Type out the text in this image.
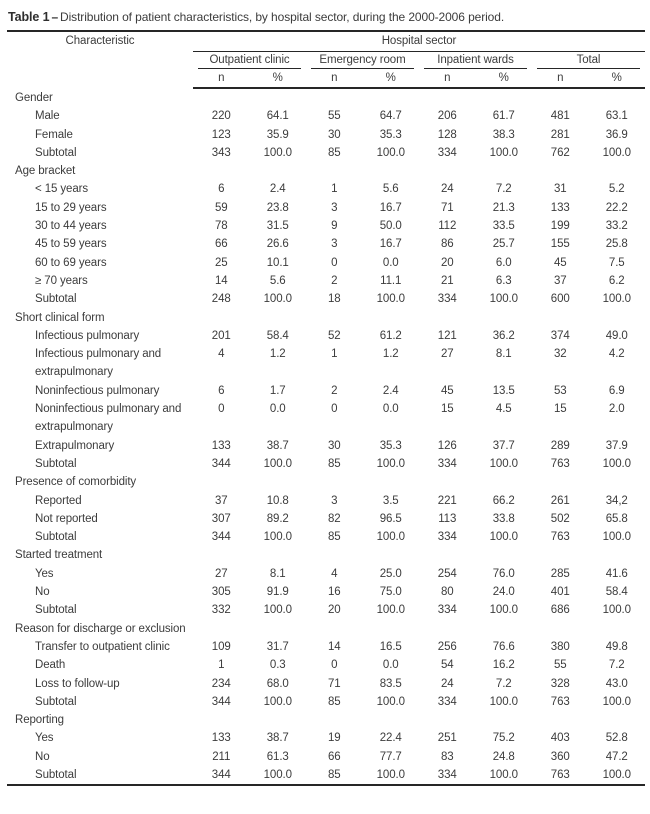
Table 1 – Distribution of patient characteristics, by hospital sector, during the 2000-2006 period.
Characteristic	Hospital sector							

	Outpatient clinic		Emergency room		Inpatient wards		Total	

	n	%	n	%	n	%	n	%
Gender								
Male	220	64.1	55	64.7	206	61.7	481	63.1
Female	123	35.9	30	35.3	128	38.3	281	36.9
Subtotal	343	100.0	85	100.0	334	100.0	762	100.0
Age bracket								
< 15 years	6	2.4	1	5.6	24	7.2	31	5.2
15 to 29 years	59	23.8	3	16.7	71	21.3	133	22.2
30 to 44 years	78	31.5	9	50.0	112	33.5	199	33.2
45 to 59 years	66	26.6	3	16.7	86	25.7	155	25.8
60 to 69 years	25	10.1	0	0.0	20	6.0	45	7.5
≥ 70 years	14	5.6	2	11.1	21	6.3	37	6.2
Subtotal	248	100.0	18	100.0	334	100.0	600	100.0
Short clinical form								
Infectious pulmonary	201	58.4	52	61.2	121	36.2	374	49.0
Infectious pulmonary and extrapulmonary	4	1.2	1	1.2	27	8.1	32	4.2
Noninfectious pulmonary	6	1.7	2	2.4	45	13.5	53	6.9
Noninfectious pulmonary and extrapulmonary	0	0.0	0	0.0	15	4.5	15	2.0
Extrapulmonary	133	38.7	30	35.3	126	37.7	289	37.9
Subtotal	344	100.0	85	100.0	334	100.0	763	100.0
Presence of comorbidity								
Reported	37	10.8	3	3.5	221	66.2	261	34,2
Not reported	307	89.2	82	96.5	113	33.8	502	65.8
Subtotal	344	100.0	85	100.0	334	100.0	763	100.0
Started treatment								
Yes	27	8.1	4	25.0	254	76.0	285	41.6
No	305	91.9	16	75.0	80	24.0	401	58.4
Subtotal	332	100.0	20	100.0	334	100.0	686	100.0
Reason for discharge or exclusion								
Transfer to outpatient clinic	109	31.7	14	16.5	256	76.6	380	49.8
Death	1	0.3	0	0.0	54	16.2	55	7.2
Loss to follow-up	234	68.0	71	83.5	24	7.2	328	43.0
Subtotal	344	100.0	85	100.0	334	100.0	763	100.0
Reporting								
Yes	133	38.7	19	22.4	251	75.2	403	52.8
No	211	61.3	66	77.7	83	24.8	360	47.2
Subtotal	344	100.0	85	100.0	334	100.0	763	100.0
